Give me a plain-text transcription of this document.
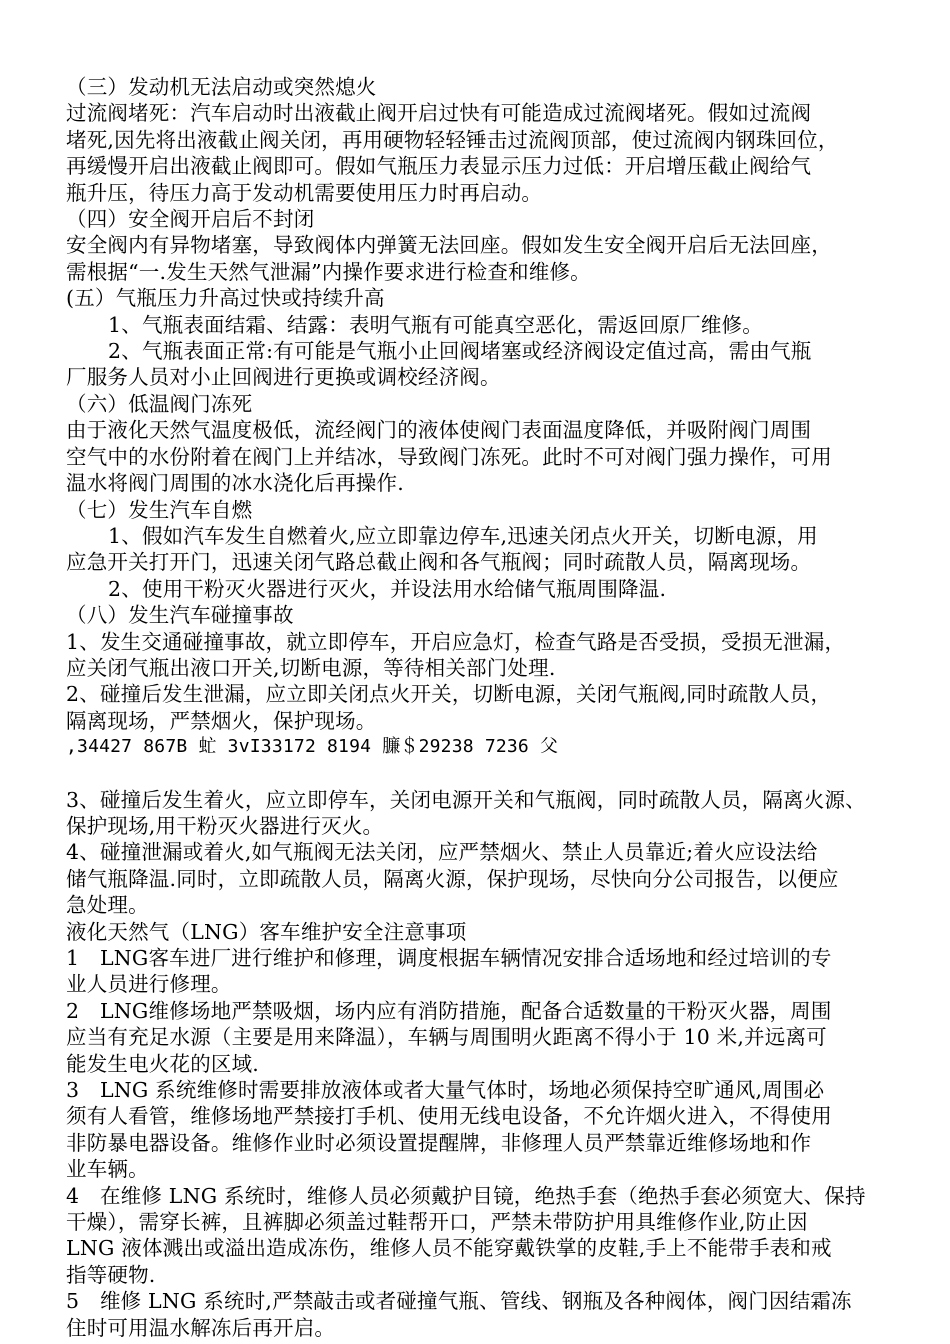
（三）发动机无法启动或突然熄火
过流阀堵死：汽车启动时出液截止阀开启过快有可能造成过流阀堵死。假如过流阀
堵死,因先将出液截止阀关闭，再用硬物轻轻锤击过流阀顶部，使过流阀内钢珠回位，
再缓慢开启出液截止阀即可。假如气瓶压力表显示压力过低：开启增压截止阀给气
瓶升压，待压力高于发动机需要使用压力时再启动。
（四）安全阀开启后不封闭
安全阀内有异物堵塞，导致阀体内弹簧无法回座。假如发生安全阀开启后无法回座，
需根据“一.发生天然气泄漏”内操作要求进行检查和维修。
(五）气瓶压力升高过快或持续升高
1、气瓶表面结霜、结露：表明气瓶有可能真空恶化，需返回原厂维修。
2、气瓶表面正常:有可能是气瓶小止回阀堵塞或经济阀设定值过高，需由气瓶
厂服务人员对小止回阀进行更换或调校经济阀。
（六）低温阀门冻死
由于液化天然气温度极低，流经阀门的液体使阀门表面温度降低，并吸附阀门周围
空气中的水份附着在阀门上并结冰，导致阀门冻死。此时不可对阀门强力操作，可用
温水将阀门周围的冰水浇化后再操作.
（七）发生汽车自燃
1、假如汽车发生自燃着火,应立即靠边停车,迅速关闭点火开关，切断电源，用
应急开关打开门，迅速关闭气路总截止阀和各气瓶阀；同时疏散人员，隔离现场。
2、使用干粉灭火器进行灭火，并设法用水给储气瓶周围降温.
（八）发生汽车碰撞事故
1、发生交通碰撞事故，就立即停车，开启应急灯，检查气路是否受损，受损无泄漏，
应关闭气瓶出液口开关,切断电源，等待相关部门处理.
2、碰撞后发生泄漏，应立即关闭点火开关，切断电源，关闭气瓶阀,同时疏散人员，
隔离现场，严禁烟火，保护现场。
,34427 867B 虻 3vI33172 8194 臁＄29238 7236 父
3、碰撞后发生着火，应立即停车，关闭电源开关和气瓶阀，同时疏散人员，隔离火源、
保护现场,用干粉灭火器进行灭火。
4、碰撞泄漏或着火,如气瓶阀无法关闭，应严禁烟火、禁止人员靠近;着火应设法给
储气瓶降温.同时，立即疏散人员，隔离火源，保护现场，尽快向分公司报告，以便应
急处理。
液化天然气（LNG）客车维护安全注意事项
1　LNG客车进厂进行维护和修理，调度根据车辆情况安排合适场地和经过培训的专
业人员进行修理。
2　LNG维修场地严禁吸烟，场内应有消防措施，配备合适数量的干粉灭火器，周围
应当有充足水源（主要是用来降温），车辆与周围明火距离不得小于 10 米,并远离可
能发生电火花的区域.
3　LNG 系统维修时需要排放液体或者大量气体时，场地必须保持空旷通风,周围必
须有人看管，维修场地严禁接打手机、使用无线电设备，不允许烟火进入，不得使用
非防暴电器设备。维修作业时必须设置提醒牌，非修理人员严禁靠近维修场地和作
业车辆。
4　在维修 LNG 系统时，维修人员必须戴护目镜，绝热手套（绝热手套必须宽大、保持
干燥），需穿长裤，且裤脚必须盖过鞋帮开口，严禁未带防护用具维修作业,防止因
LNG 液体溅出或溢出造成冻伤，维修人员不能穿戴铁掌的皮鞋,手上不能带手表和戒
指等硬物.
5　维修 LNG 系统时,严禁敲击或者碰撞气瓶、管线、钢瓶及各种阀体，阀门因结霜冻
住时可用温水解冻后再开启。
